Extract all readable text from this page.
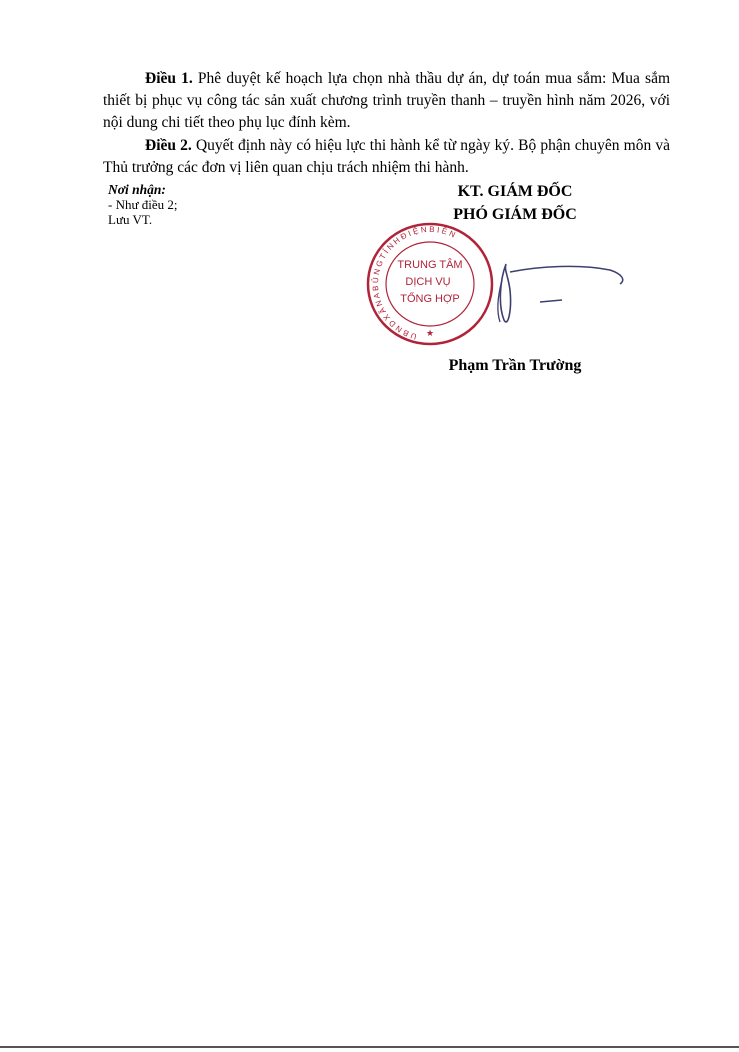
Điều 1. Phê duyệt kế hoạch lựa chọn nhà thầu dự án, dự toán mua sắm: Mua sắm thiết bị phục vụ công tác sản xuất chương trình truyền thanh – truyền hình năm 2026, với nội dung chi tiết theo phụ lục đính kèm.

Điều 2. Quyết định này có hiệu lực thi hành kể từ ngày ký. Bộ phận chuyên môn và Thủ trưởng các đơn vị liên quan chịu trách nhiệm thi hành.

Nơi nhận:
- Như điều 2;
Lưu VT.
KT. GIÁM ĐỐC
PHÓ GIÁM ĐỐC
U B N D X Ã N A B Ủ N G T Ỉ N H Đ I Ệ N B I Ê N
TRUNG TÂM
DỊCH VỤ
TỔNG HỢP
★
Phạm Trần Trường
